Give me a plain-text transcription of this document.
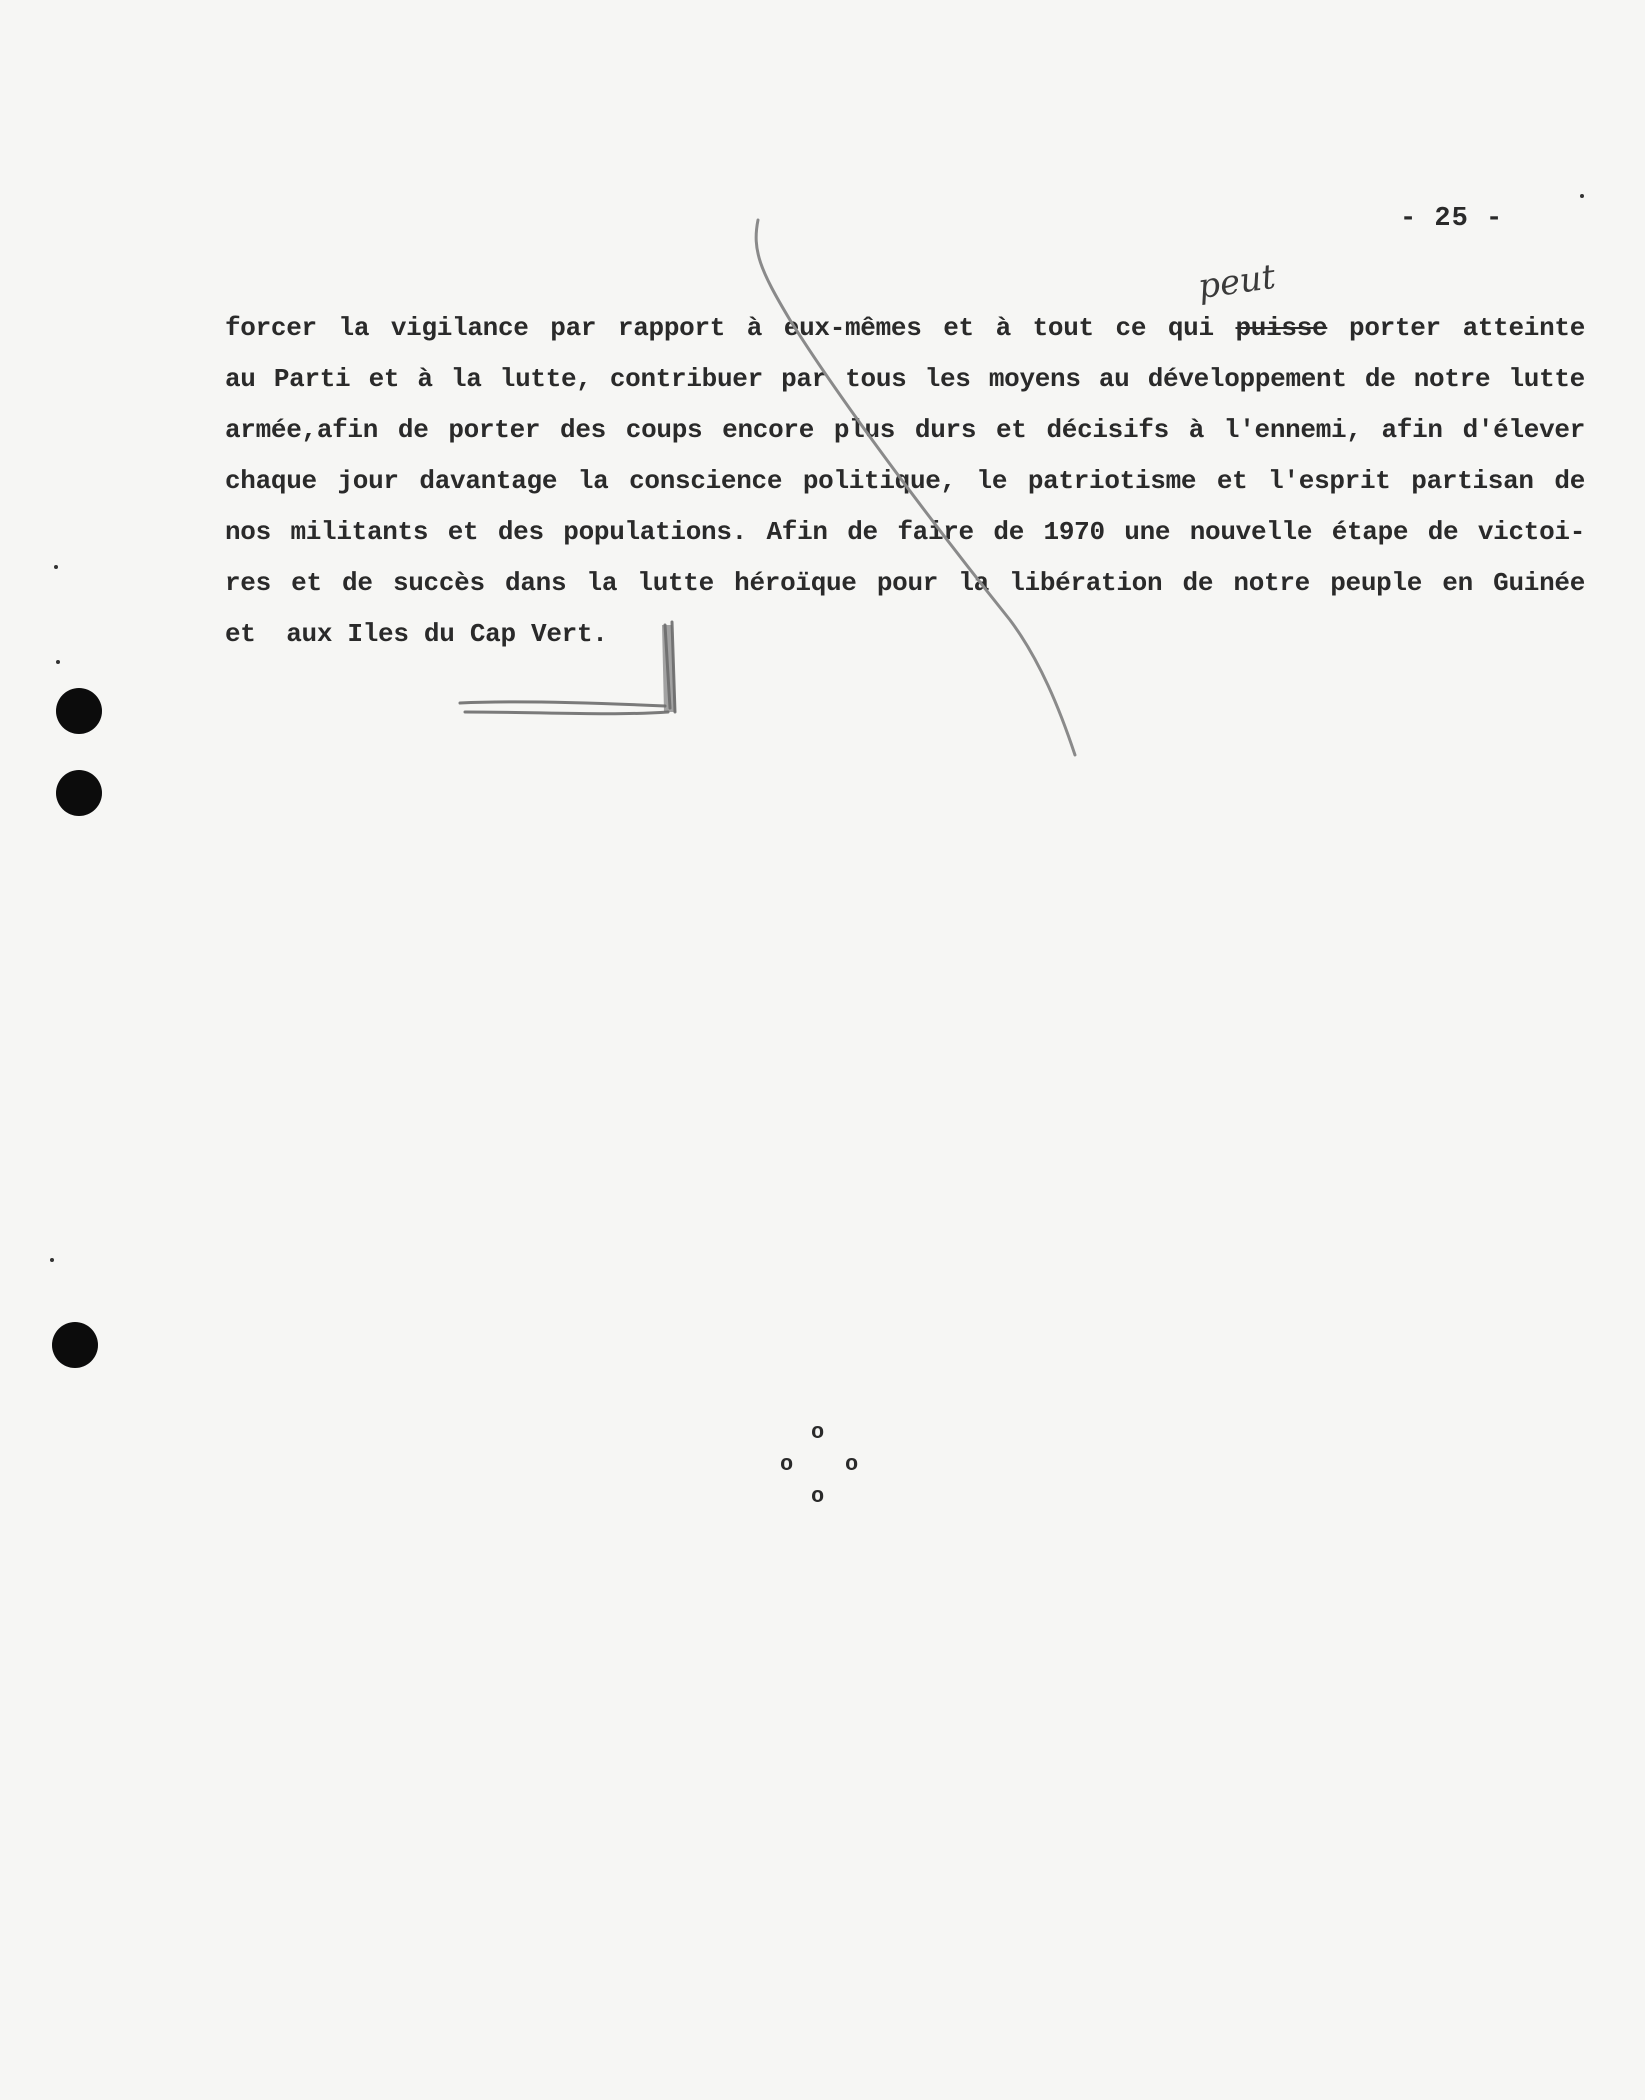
- 25 -
peut
forcer la vigilance par rapport à eux-mêmes et à tout ce qui puisse porter atteinte
au Parti et à la lutte, contribuer par tous les moyens au développement de notre lutte
armée,afin de porter des coups encore plus durs et décisifs à l'ennemi, afin d'élever
chaque jour davantage la conscience politique, le patriotisme et l'esprit partisan de
nos militants et des populations. Afin de faire de 1970 une nouvelle étape de victoi-
res et de succès dans la lutte héroïque pour la libération de notre peuple en Guinée
et  aux Iles du Cap Vert.
o
o o
o
